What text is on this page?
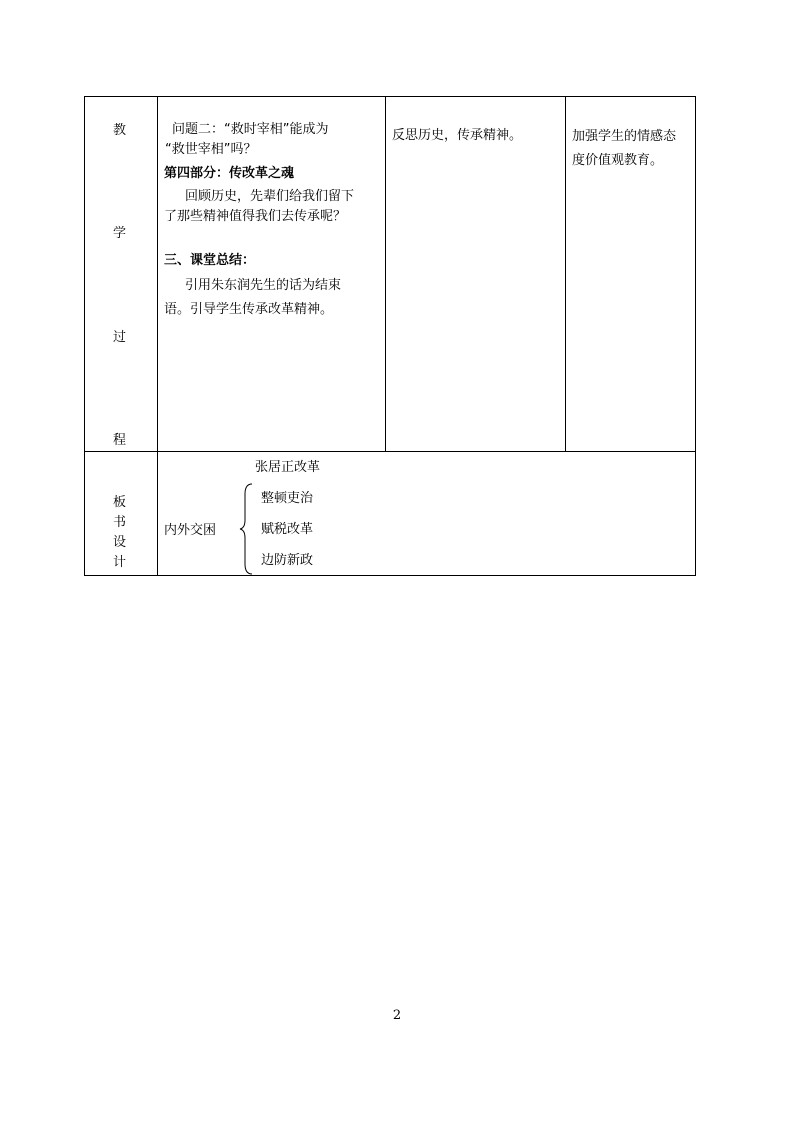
教
学
过
程
问题二：“救时宰相”能成为
“救世宰相”吗？
第四部分：传改革之魂
回顾历史，先辈们给我们留下
了那些精神值得我们去传承呢？
三、课堂总结：
引用朱东润先生的话为结束
语。引导学生传承改革精神。
反思历史，传承精神。	加强学生的情感态
度价值观教育。
板
书
设
计
张居正改革
内外交困
整顿吏治
赋税改革
边防新政
2
